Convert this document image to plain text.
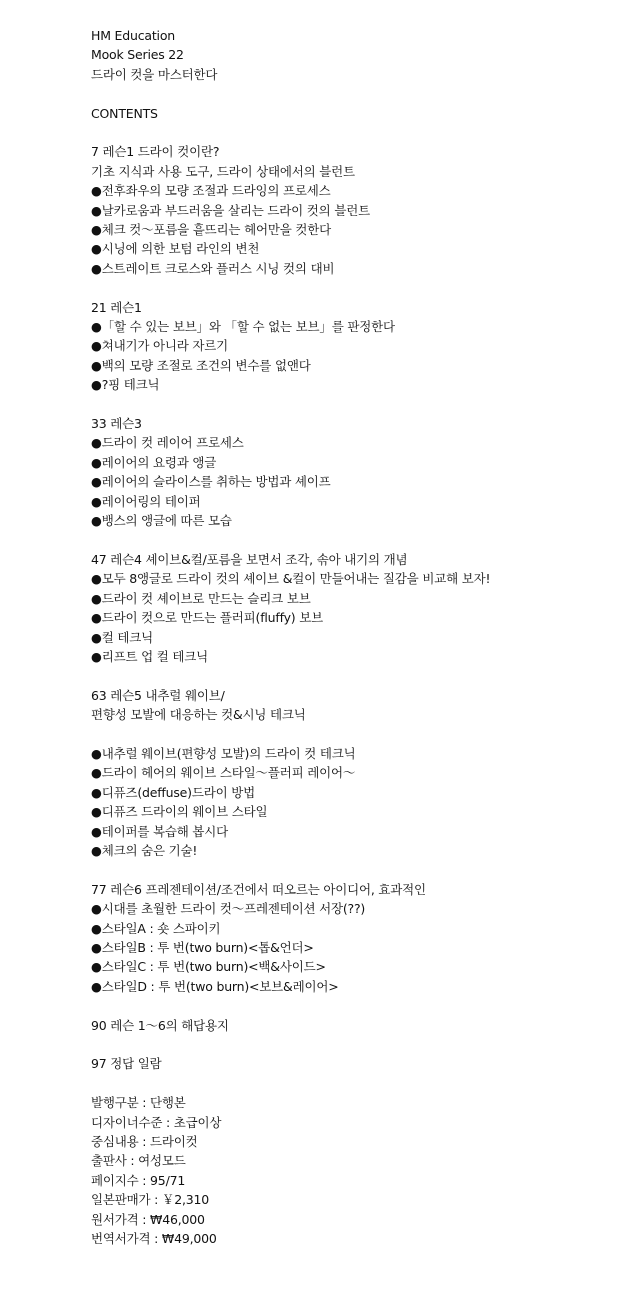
HM Education
Mook Series 22
드라이 컷을 마스터한다
CONTENTS
7 레슨1 드라이 컷이란?
기초 지식과 사용 도구, 드라이 상태에서의 블런트
●전후좌우의 모량 조절과 드라잉의 프로세스
●날카로움과 부드러움을 살리는 드라이 컷의 블런트
●체크 컷～포름을 흩뜨리는 헤어만을 컷한다
●시닝에 의한 보텀 라인의 변천
●스트레이트 크로스와 플러스 시닝 컷의 대비
21 레슨1
●「할 수 있는 보브」와 「할 수 없는 보브」를 판정한다
●쳐내기가 아니라 자르기
●백의 모량 조절로 조건의 변수를 없앤다
●?핑 테크닉
33 레슨3
●드라이 컷 레이어 프로세스
●레이어의 요령과 앵글
●레이어의 슬라이스를 취하는 방법과 셰이프
●레이어링의 테이퍼
●뱅스의 앵글에 따른 모습
47 레슨4 셰이브&컬/포름을 보면서 조각, 솎아 내기의 개념
●모두 8앵글로 드라이 컷의 셰이브 &컬이 만들어내는 질감을 비교해 보자!
●드라이 컷 셰이브로 만드는 슬리크 보브
●드라이 컷으로 만드는 플러피(fluffy) 보브
●컬 테크닉
●리프트 업 컬 테크닉
63 레슨5 내추럴 웨이브/
편향성 모발에 대응하는 컷&시닝 테크닉
●내추럴 웨이브(편향성 모발)의 드라이 컷 테크닉
●드라이 헤어의 웨이브 스타일～플러피 레이어～
●디퓨즈(deffuse)드라이 방법
●디퓨즈 드라이의 웨이브 스타일
●테이퍼를 복습해 봅시다
●체크의 숨은 기술!
77 레슨6 프레젠테이션/조건에서 떠오르는 아이디어, 효과적인
●시대를 초월한 드라이 컷～프레젠테이션 서장(??)
●스타일A : 숏 스파이키
●스타일B : 투 번(two burn)<톱&언더>
●스타일C : 투 번(two burn)<백&사이드>
●스타일D : 투 번(two burn)<보브&레이어>
90 레슨 1～6의 해답용지
97 정답 일람
발행구분 : 단행본
디자이너수준 : 초급이상
중심내용 : 드라이컷
출판사 : 여성모드
페이지수 : 95/71
일본판매가 : ￥2,310
원서가격 : ₩46,000
번역서가격 : ₩49,000
